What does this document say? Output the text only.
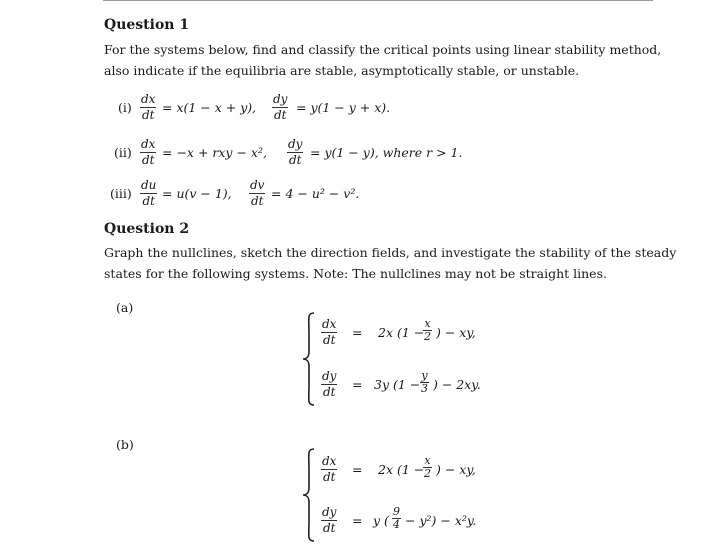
Question 1
For the systems below, find and classify the critical points using linear stability method,
also indicate if the equilibria are stable, asymptotically stable, or unstable.
$(i) \frac{dx}{dt} = x(1 - x + y)$, $\frac{dy}{dt} = y(1 - y + x)$.
$(ii) \frac{dx}{dt} = -x$ + rxy − x², $\frac{dy}{dt} = y(1 - y)$, where r > 1.
$(iii) \frac{du}{dt} = u(v - 1)$, $\frac{dv}{dt} = 4 - u^2 - v^2$.
Question 2
Graph the nullclines, sketch the direction fields, and investigate the stability of the steady
states for the following systems. Note: The nullclines may not be straight lines.
(a)
$\frac{dx}{dt} = 2x$ (1 −
$\frac{x}{2}$ ) − xy,
$\frac{dy}{dt} = 3y$ ($1 - \frac{y}{3}$ ) − 2xy.
(b)
$\frac{dx}{dt} = 2x$ (1 −
$\frac{x}{2}$ ) − xy,
$\frac{dy}{dt} = y$ ( $\frac{9}{4} - y^2) - x^2y$.
